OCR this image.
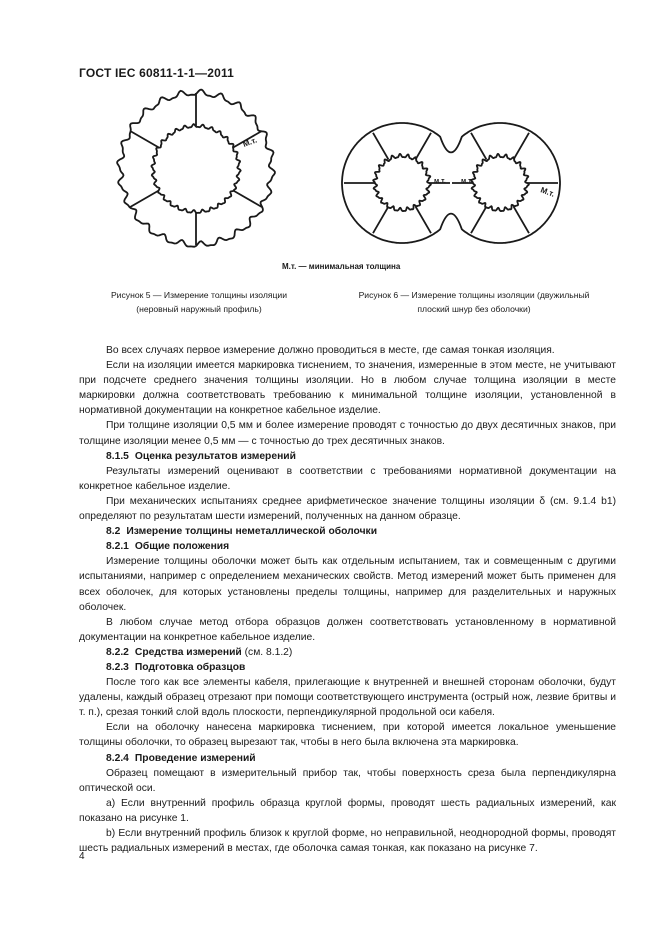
ГОСТ IEC 60811-1-1—2011
М.т.
М.т.
м.т. м.т.
М.т. — минимальная толщина
Рисунок 5 — Измерение толщины изоляции
(неровный наружный профиль)
Рисунок 6 — Измерение толщины изоляции (двужильный
плоский шнур без оболочки)

Во всех случаях первое измерение должно проводиться в месте, где самая тонкая изоляция.

Если на изоляции имеется маркировка тиснением, то значения, измеренные в этом месте, не учитывают при подсчете среднего значения толщины изоляции. Но в любом случае толщина изоляции в месте маркировки должна соответствовать требованию к минимальной толщине изоляции, установленной в нормативной документации на конкретное кабельное изделие.

При толщине изоляции 0,5 мм и более измерение проводят с точностью до двух десятичных знаков, при толщине изоляции менее 0,5 мм — с точностью до трех десятичных знаков.

8.1.5 Оценка результатов измерений

Результаты измерений оценивают в соответствии с требованиями нормативной документации на конкретное кабельное изделие.

При механических испытаниях среднее арифметическое значение толщины изоляции δ (см. 9.1.4 b1) определяют по результатам шести измерений, полученных на данном образце.

8.2 Измерение толщины неметаллической оболочки

8.2.1 Общие положения

Измерение толщины оболочки может быть как отдельным испытанием, так и совмещенным с другими испытаниями, например с определением механических свойств. Метод измерений может быть применен для всех оболочек, для которых установлены пределы толщины, например для разделительных и наружных оболочек.

В любом случае метод отбора образцов должен соответствовать установленному в нормативной документации на конкретное кабельное изделие.

8.2.2 Средства измерений (см. 8.1.2)

8.2.3 Подготовка образцов

После того как все элементы кабеля, прилегающие к внутренней и внешней сторонам оболочки, будут удалены, каждый образец отрезают при помощи соответствующего инструмента (острый нож, лезвие бритвы и т. п.), срезая тонкий слой вдоль плоскости, перпендикулярной продольной оси кабеля.

Если на оболочку нанесена маркировка тиснением, при которой имеется локальное уменьшение толщины оболочки, то образец вырезают так, чтобы в него была включена эта маркировка.

8.2.4 Проведение измерений

Образец помещают в измерительный прибор так, чтобы поверхность среза была перпендикулярна оптической оси.

a) Если внутренний профиль образца круглой формы, проводят шесть радиальных измерений, как показано на рисунке 1.

b) Если внутренний профиль близок к круглой форме, но неправильной, неоднородной формы, проводят шесть радиальных измерений в местах, где оболочка самая тонкая, как показано на рисунке 7.

4
